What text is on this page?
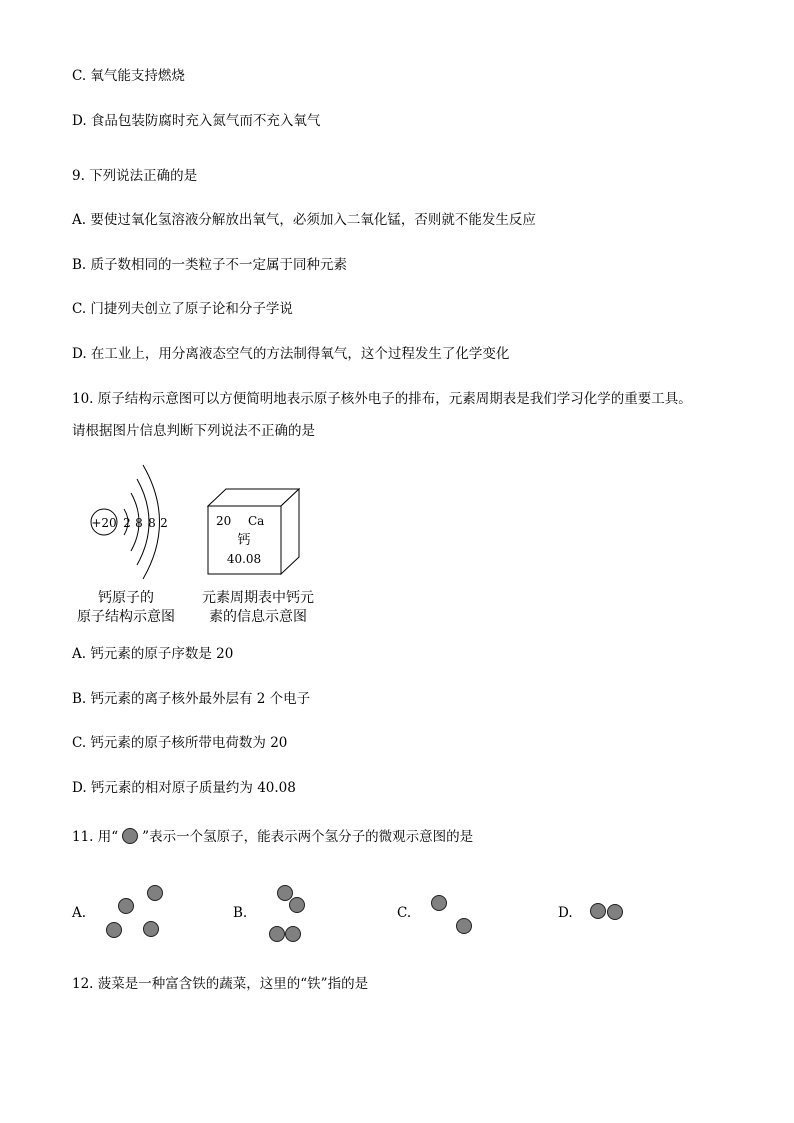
C. 氧气能支持燃烧
D. 食品包装防腐时充入氮气而不充入氧气
9. 下列说法正确的是
A. 要使过氧化氢溶液分解放出氧气，必须加入二氧化锰，否则就不能发生反应
B. 质子数相同的一类粒子不一定属于同种元素
C. 门捷列夫创立了原子论和分子学说
D. 在工业上，用分离液态空气的方法制得氧气，这个过程发生了化学变化
10. 原子结构示意图可以方便简明地表示原子核外电子的排布，元素周期表是我们学习化学的重要工具。
请根据图片信息判断下列说法不正确的是
+20 2 8 8 2
钙原子的
原子结构示意图
20 Ca
钙
40.08
元素周期表中钙元
素的信息示意图
A. 钙元素的原子序数是 20
B. 钙元素的离子核外最外层有 2 个电子
C. 钙元素的原子核所带电荷数为 20
D. 钙元素的相对原子质量约为 40.08
11. 用“ ”表示一个氢原子，能表示两个氢分子的微观示意图的是
A.	B.	C.	D.
12. 菠菜是一种富含铁的蔬菜，这里的“铁”指的是
